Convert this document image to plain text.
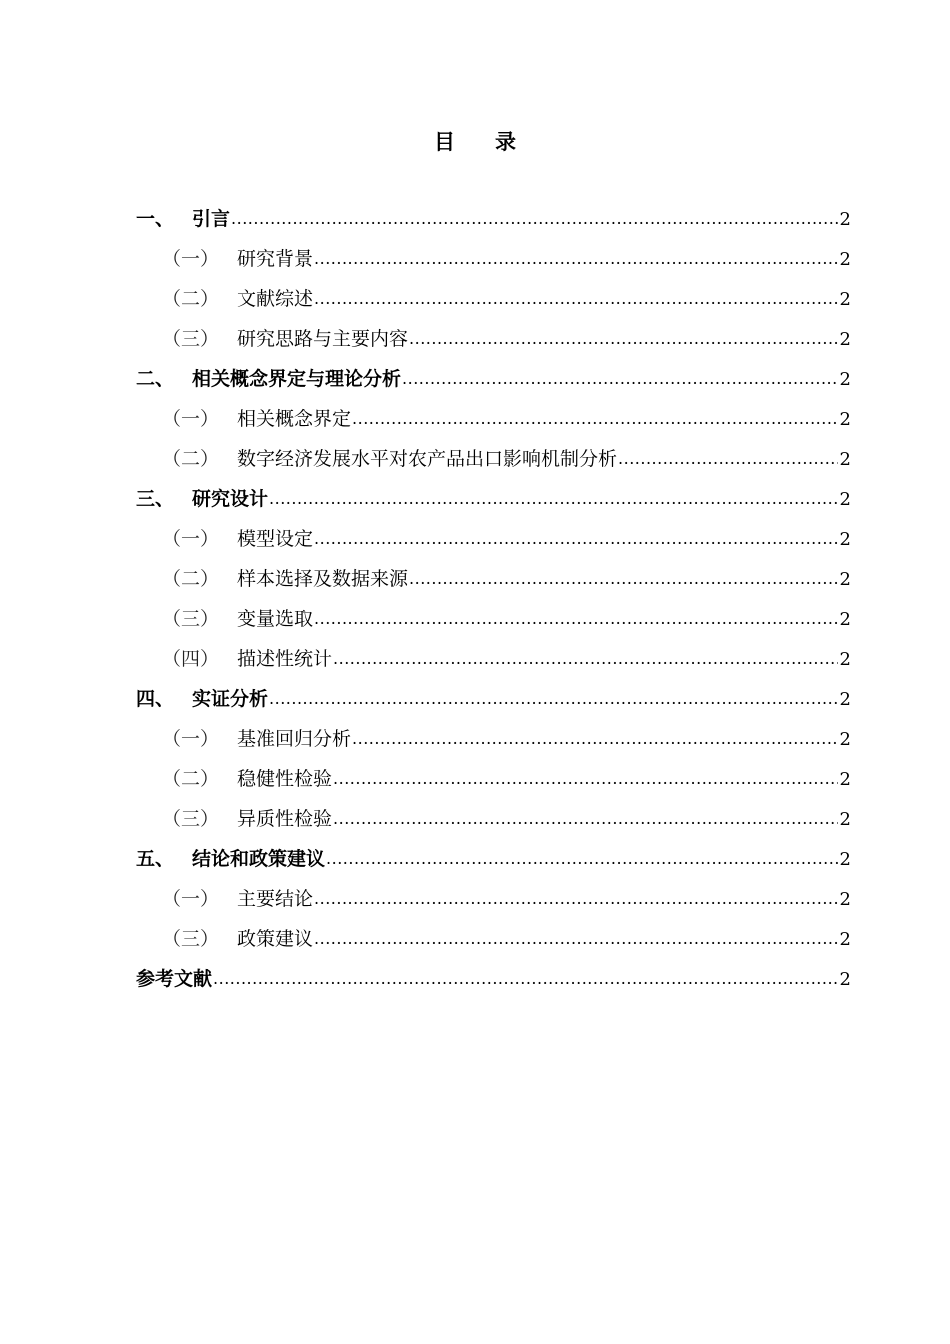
目 录
一、 引言 .....	2
（一） 研究背景 .....	2
（二） 文献综述 .....	2
（三） 研究思路与主要内容 .....	2
二、 相关概念界定与理论分析 .....	2
（一） 相关概念界定 .....	2
（二） 数字经济发展水平对农产品出口影响机制分析 .....	2
三、 研究设计 .....	2
（一） 模型设定 .....	2
（二） 样本选择及数据来源 .....	2
（三） 变量选取 .....	2
（四） 描述性统计 .....	2
四、 实证分析 .....	2
（一） 基准回归分析 .....	2
（二） 稳健性检验 .....	2
（三） 异质性检验 .....	2
五、 结论和政策建议 .....	2
（一） 主要结论 .....	2
（三） 政策建议 .....	2
参考文献 .....	2
